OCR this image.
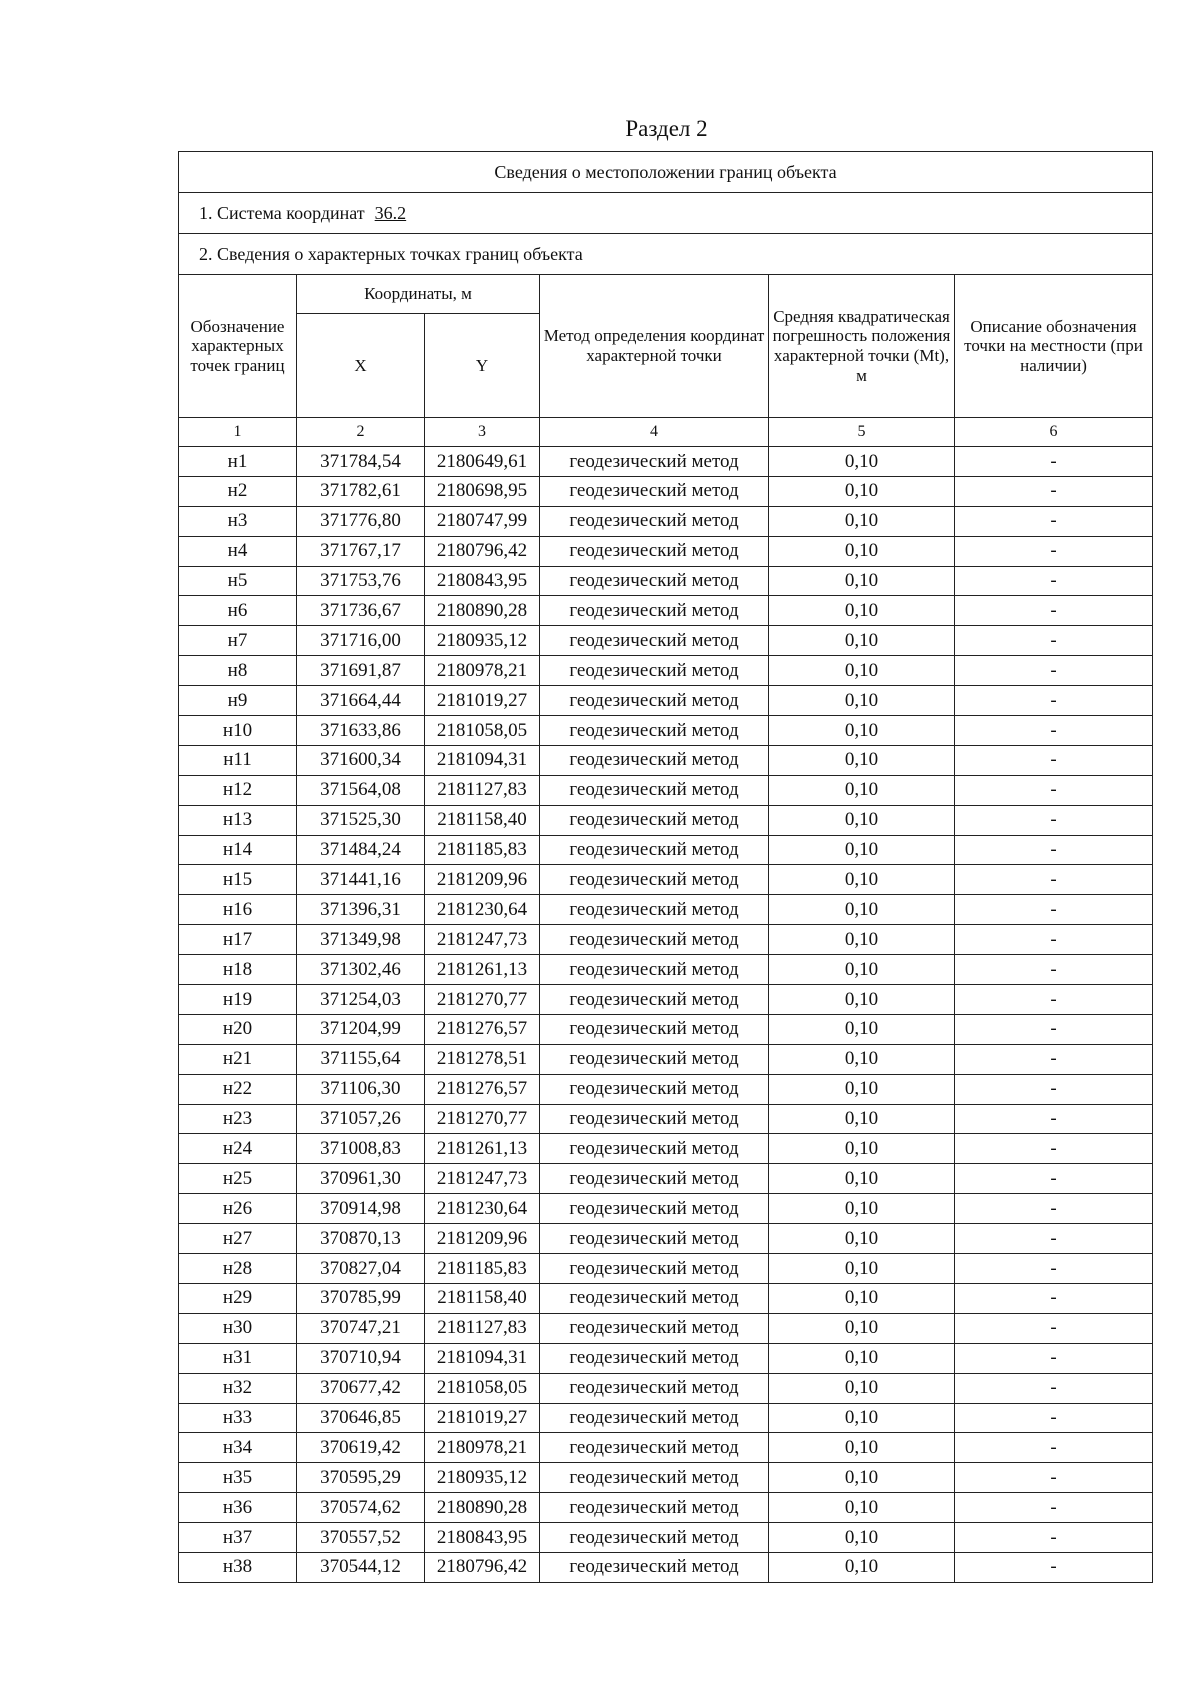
Раздел 2
Сведения о местоположении границ объекта					
1. Система координат 36.2					
2. Сведения о характерных точках границ объекта					
Обозначение характерных точек границ	Координаты, м		Метод определения координат характерной точки	Средняя квадратическая погрешность положения характерной точки (Mt), м	Описание обозначения точки на местности (при наличии)
	X	Y			
1	2	3	4	5	6
н1	371784,54	2180649,61	геодезический метод	0,10	-
н2	371782,61	2180698,95	геодезический метод	0,10	-
н3	371776,80	2180747,99	геодезический метод	0,10	-
н4	371767,17	2180796,42	геодезический метод	0,10	-
н5	371753,76	2180843,95	геодезический метод	0,10	-
н6	371736,67	2180890,28	геодезический метод	0,10	-
н7	371716,00	2180935,12	геодезический метод	0,10	-
н8	371691,87	2180978,21	геодезический метод	0,10	-
н9	371664,44	2181019,27	геодезический метод	0,10	-
н10	371633,86	2181058,05	геодезический метод	0,10	-
н11	371600,34	2181094,31	геодезический метод	0,10	-
н12	371564,08	2181127,83	геодезический метод	0,10	-
н13	371525,30	2181158,40	геодезический метод	0,10	-
н14	371484,24	2181185,83	геодезический метод	0,10	-
н15	371441,16	2181209,96	геодезический метод	0,10	-
н16	371396,31	2181230,64	геодезический метод	0,10	-
н17	371349,98	2181247,73	геодезический метод	0,10	-
н18	371302,46	2181261,13	геодезический метод	0,10	-
н19	371254,03	2181270,77	геодезический метод	0,10	-
н20	371204,99	2181276,57	геодезический метод	0,10	-
н21	371155,64	2181278,51	геодезический метод	0,10	-
н22	371106,30	2181276,57	геодезический метод	0,10	-
н23	371057,26	2181270,77	геодезический метод	0,10	-
н24	371008,83	2181261,13	геодезический метод	0,10	-
н25	370961,30	2181247,73	геодезический метод	0,10	-
н26	370914,98	2181230,64	геодезический метод	0,10	-
н27	370870,13	2181209,96	геодезический метод	0,10	-
н28	370827,04	2181185,83	геодезический метод	0,10	-
н29	370785,99	2181158,40	геодезический метод	0,10	-
н30	370747,21	2181127,83	геодезический метод	0,10	-
н31	370710,94	2181094,31	геодезический метод	0,10	-
н32	370677,42	2181058,05	геодезический метод	0,10	-
н33	370646,85	2181019,27	геодезический метод	0,10	-
н34	370619,42	2180978,21	геодезический метод	0,10	-
н35	370595,29	2180935,12	геодезический метод	0,10	-
н36	370574,62	2180890,28	геодезический метод	0,10	-
н37	370557,52	2180843,95	геодезический метод	0,10	-
н38	370544,12	2180796,42	геодезический метод	0,10	-
